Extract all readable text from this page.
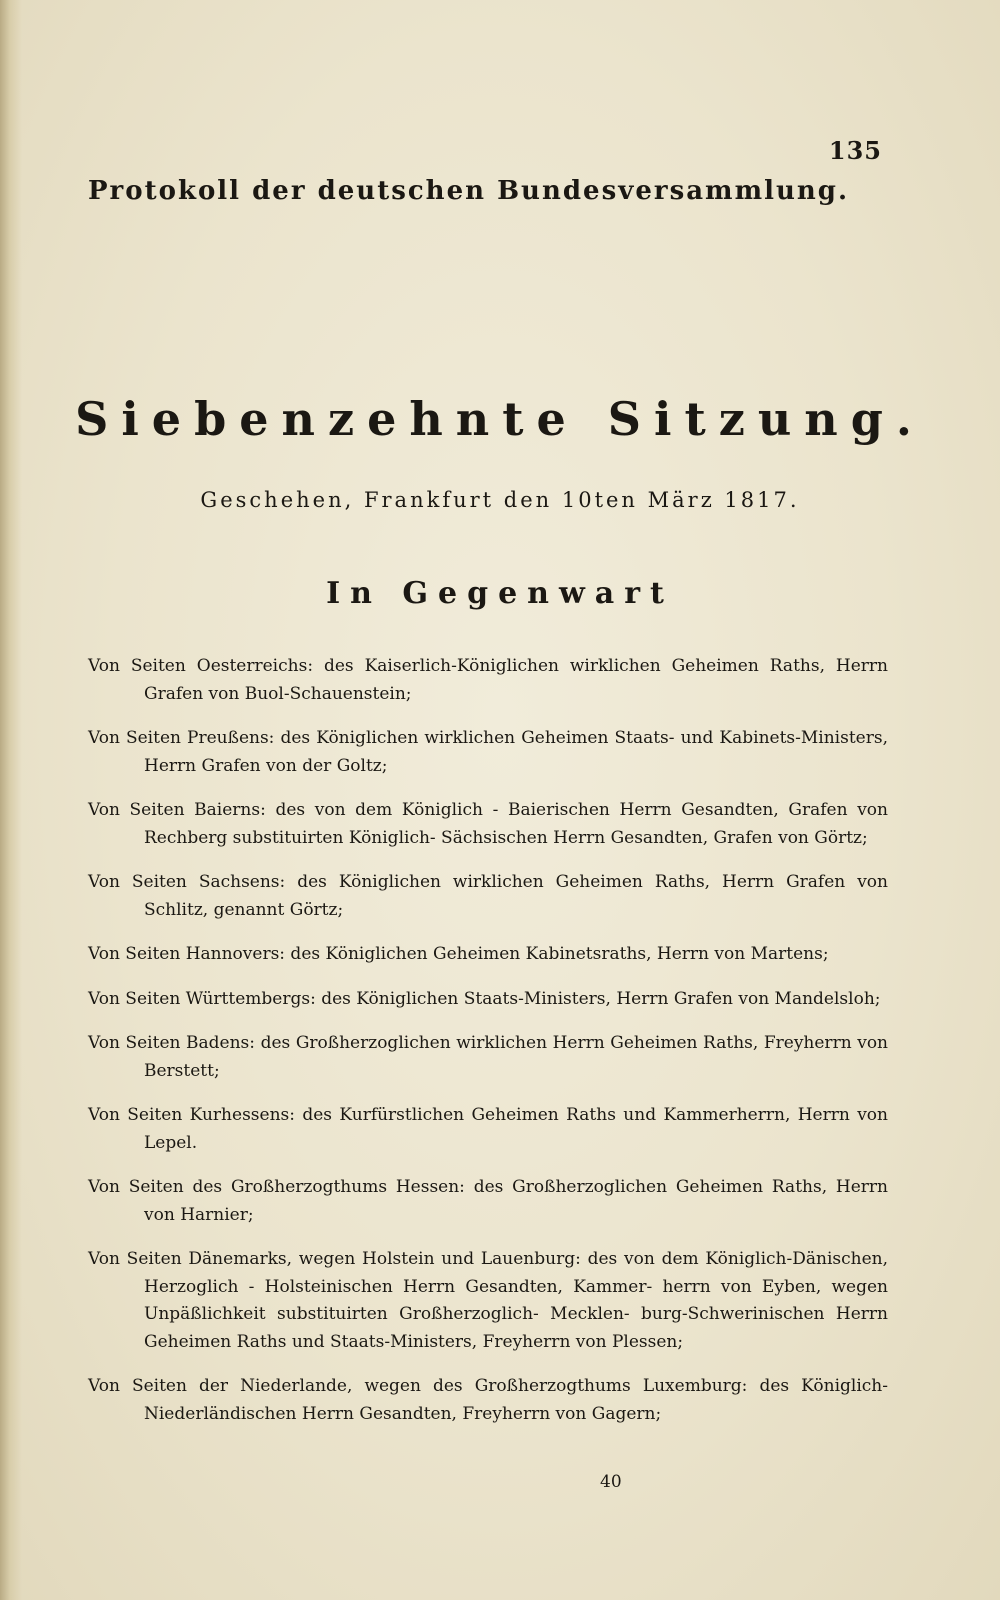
135
Protokoll der deutschen Bundesversammlung.
Siebenzehnte Sitzung.
Geschehen, Frankfurt den 10ten März 1817.
In Gegenwart

Von Seiten Oesterreichs: des Kaiserlich-Königlichen wirklichen Geheimen Raths, Herrn Grafen von Buol-Schauenstein;

Von Seiten Preußens: des Königlichen wirklichen Geheimen Staats- und Kabinets-Ministers, Herrn Grafen von der Goltz;

Von Seiten Baierns: des von dem Königlich - Baierischen Herrn Gesandten, Grafen von Rechberg substituirten Königlich- Sächsischen Herrn Gesandten, Grafen von Görtz;

Von Seiten Sachsens: des Königlichen wirklichen Geheimen Raths, Herrn Grafen von Schlitz, genannt Görtz;

Von Seiten Hannovers: des Königlichen Geheimen Kabinetsraths, Herrn von Martens;

Von Seiten Württembergs: des Königlichen Staats-Ministers, Herrn Grafen von Mandelsloh;

Von Seiten Badens: des Großherzoglichen wirklichen Herrn Geheimen Raths, Freyherrn von Berstett;

Von Seiten Kurhessens: des Kurfürstlichen Geheimen Raths und Kammerherrn, Herrn von Lepel.

Von Seiten des Großherzogthums Hessen: des Großherzoglichen Geheimen Raths, Herrn von Harnier;

Von Seiten Dänemarks, wegen Holstein und Lauenburg: des von dem Königlich-Dänischen, Herzoglich - Holsteinischen Herrn Gesandten, Kammer- herrn von Eyben, wegen Unpäßlichkeit substituirten Großherzoglich- Mecklen- burg-Schwerinischen Herrn Geheimen Raths und Staats-Ministers, Freyherrn von Plessen;

Von Seiten der Niederlande, wegen des Großherzogthums Luxemburg: des Königlich-Niederländischen Herrn Gesandten, Freyherrn von Gagern;

40
